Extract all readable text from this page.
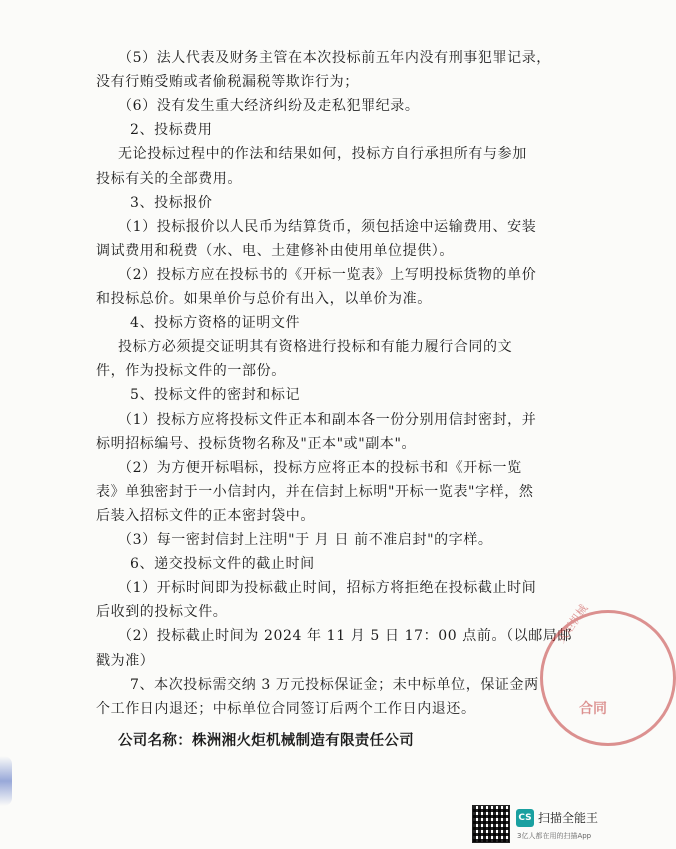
（5）法人代表及财务主管在本次投标前五年内没有刑事犯罪记录，
没有行贿受贿或者偷税漏税等欺诈行为；
（6）没有发生重大经济纠纷及走私犯罪纪录。
2、投标费用
无论投标过程中的作法和结果如何，投标方自行承担所有与参加
投标有关的全部费用。
3、投标报价
（1）投标报价以人民币为结算货币，须包括途中运输费用、安装
调试费用和税费（水、电、土建修补由使用单位提供）。
（2）投标方应在投标书的《开标一览表》上写明投标货物的单价
和投标总价。如果单价与总价有出入，以单价为准。
4、投标方资格的证明文件
投标方必须提交证明其有资格进行投标和有能力履行合同的文
件，作为投标文件的一部份。
5、投标文件的密封和标记
（1）投标方应将投标文件正本和副本各一份分别用信封密封，并
标明招标编号、投标货物名称及"正本"或"副本"。
（2）为方便开标唱标，投标方应将正本的投标书和《开标一览
表》单独密封于一小信封内，并在信封上标明"开标一览表"字样，然
后装入招标文件的正本密封袋中。
（3）每一密封信封上注明"于 月 日 前不准启封"的字样。
6、递交投标文件的截止时间
（1）开标时间即为投标截止时间，招标方将拒绝在投标截止时间
后收到的投标文件。
（2）投标截止时间为 2024 年 11 月 5 日 17：00 点前。（以邮局邮
戳为准）
7、本次投标需交纳 3 万元投标保证金；未中标单位，保证金两
个工作日内退还；中标单位合同签订后两个工作日内退还。
公司名称：株洲湘火炬机械制造有限责任公司
火炬机械
合同
CS 扫描全能王
3亿人都在用的扫描App
